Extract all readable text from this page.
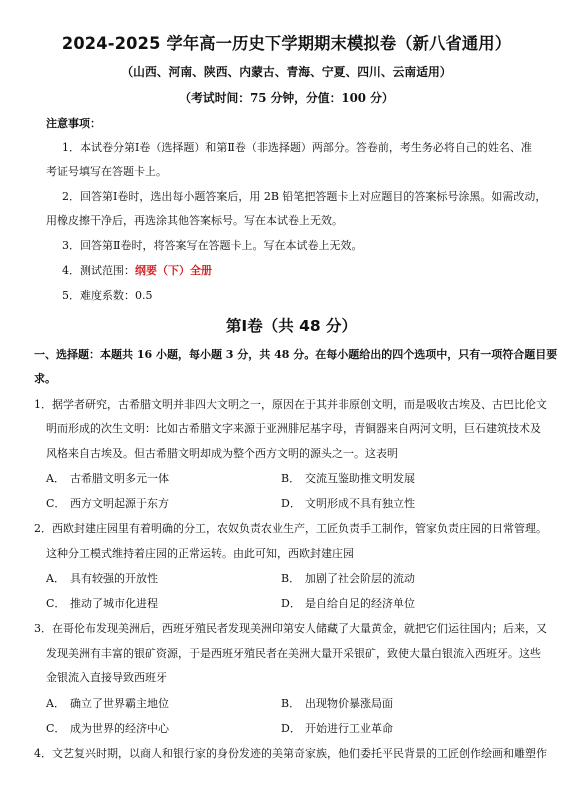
2024-2025 学年高一历史下学期期末模拟卷（新八省通用）
（山西、河南、陕西、内蒙古、青海、宁夏、四川、云南适用）
（考试时间：75 分钟，分值：100 分）
注意事项：
1．本试卷分第Ⅰ卷（选择题）和第Ⅱ卷（非选择题）两部分。答卷前，考生务必将自己的姓名、准
考证号填写在答题卡上。
2．回答第Ⅰ卷时，选出每小题答案后，用 2B 铅笔把答题卡上对应题目的答案标号涂黑。如需改动，
用橡皮擦干净后，再选涂其他答案标号。写在本试卷上无效。
3．回答第Ⅱ卷时，将答案写在答题卡上。写在本试卷上无效。
4．测试范围：纲要（下）全册
5．难度系数：0.5
第Ⅰ卷（共 48 分）
一、选择题：本题共 16 小题，每小题 3 分，共 48 分。在每小题给出的四个选项中，只有一项符合题目要
求。
1．据学者研究，古希腊文明并非四大文明之一，原因在于其并非原创文明，而是吸收古埃及、古巴比伦文
明而形成的次生文明：比如古希腊文字来源于亚洲腓尼基字母，青铜器来自两河文明，巨石建筑技术及
风格来自古埃及。但古希腊文明却成为整个西方文明的源头之一。这表明
A． 古希腊文明多元一体	B． 交流互鉴助推文明发展
C． 西方文明起源于东方	D． 文明形成不具有独立性
2．西欧封建庄园里有着明确的分工，农奴负责农业生产，工匠负责手工制作，管家负责庄园的日常管理。
这种分工模式维持着庄园的正常运转。由此可知，西欧封建庄园
A． 具有较强的开放性	B． 加剧了社会阶层的流动
C． 推动了城市化进程	D． 是自给自足的经济单位
3．在哥伦布发现美洲后，西班牙殖民者发现美洲印第安人储藏了大量黄金，就把它们运往国内；后来，又
发现美洲有丰富的银矿资源，于是西班牙殖民者在美洲大量开采银矿，致使大量白银流入西班牙。这些
金银流入直接导致西班牙
A． 确立了世界霸主地位	B． 出现物价暴涨局面
C． 成为世界的经济中心	D． 开始进行工业革命
4．文艺复兴时期，以商人和银行家的身份发迹的美第奇家族，他们委托平民背景的工匠创作绘画和雕塑作
